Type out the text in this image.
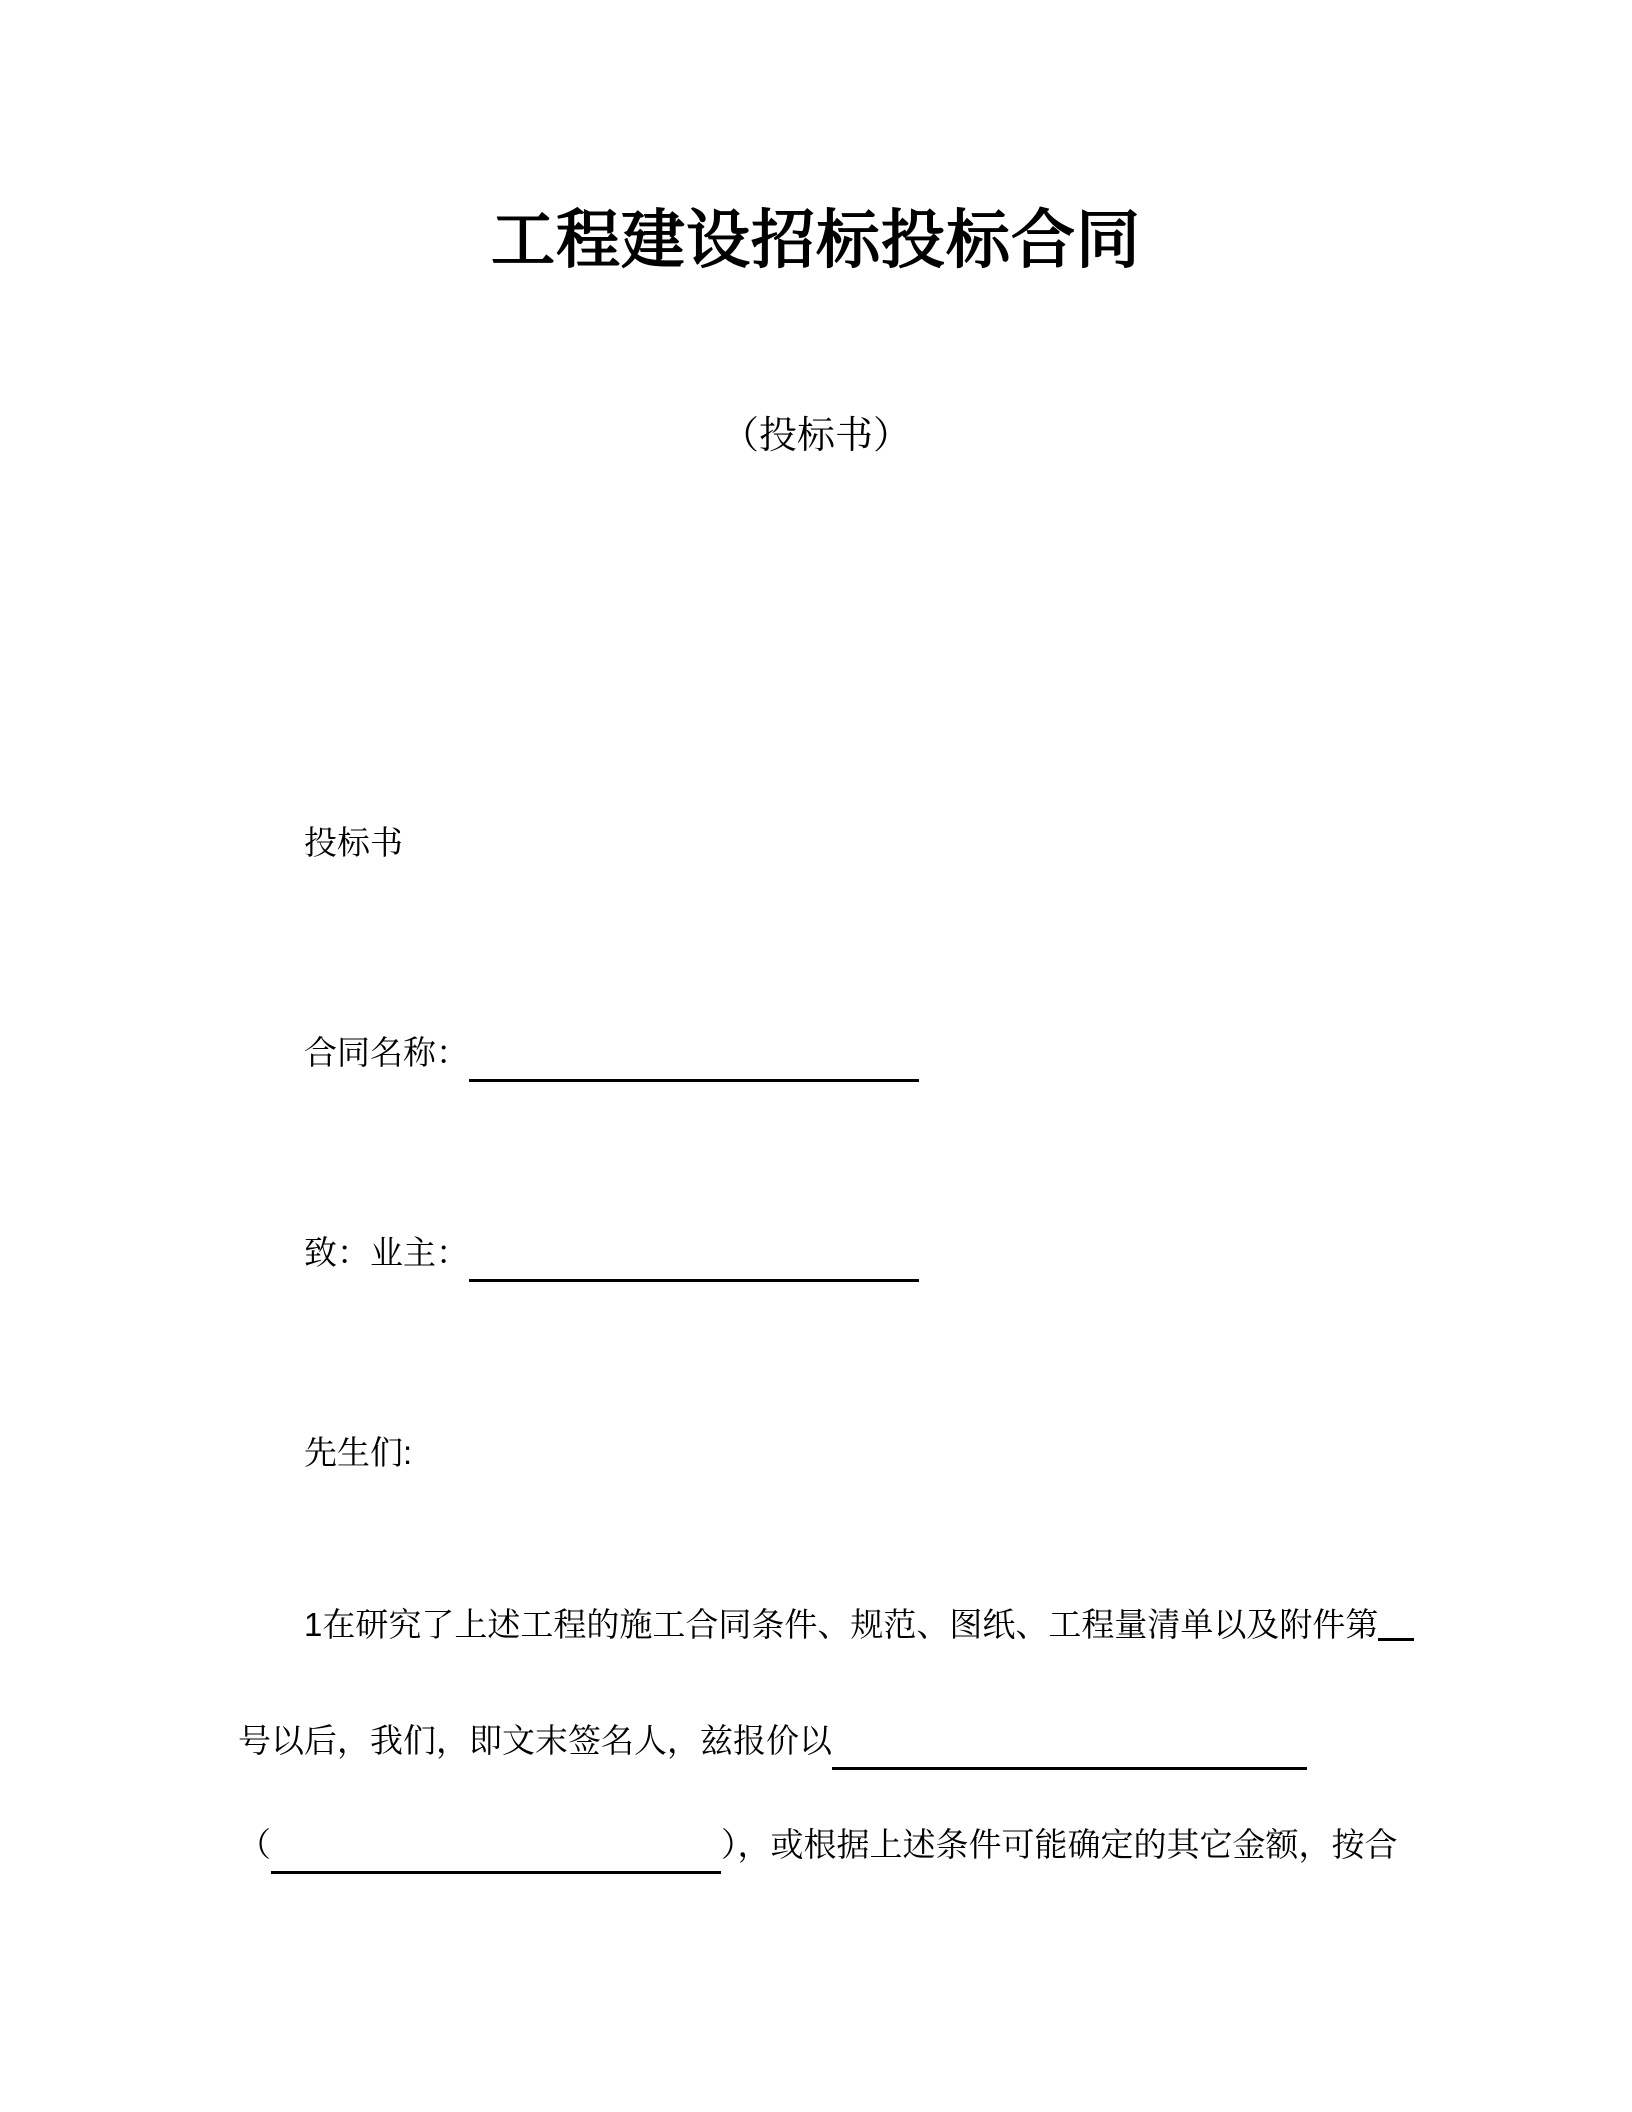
工程建设招标投标合同
（投标书）
投标书
合同名称：
致：业主：
先生们:
1在研究了上述工程的施工合同条件、规范、图纸、工程量清单以及附件第
号以后，我们，即文末签名人，兹报价以
（	），或根据上述条件可能确定的其它金额，按合
